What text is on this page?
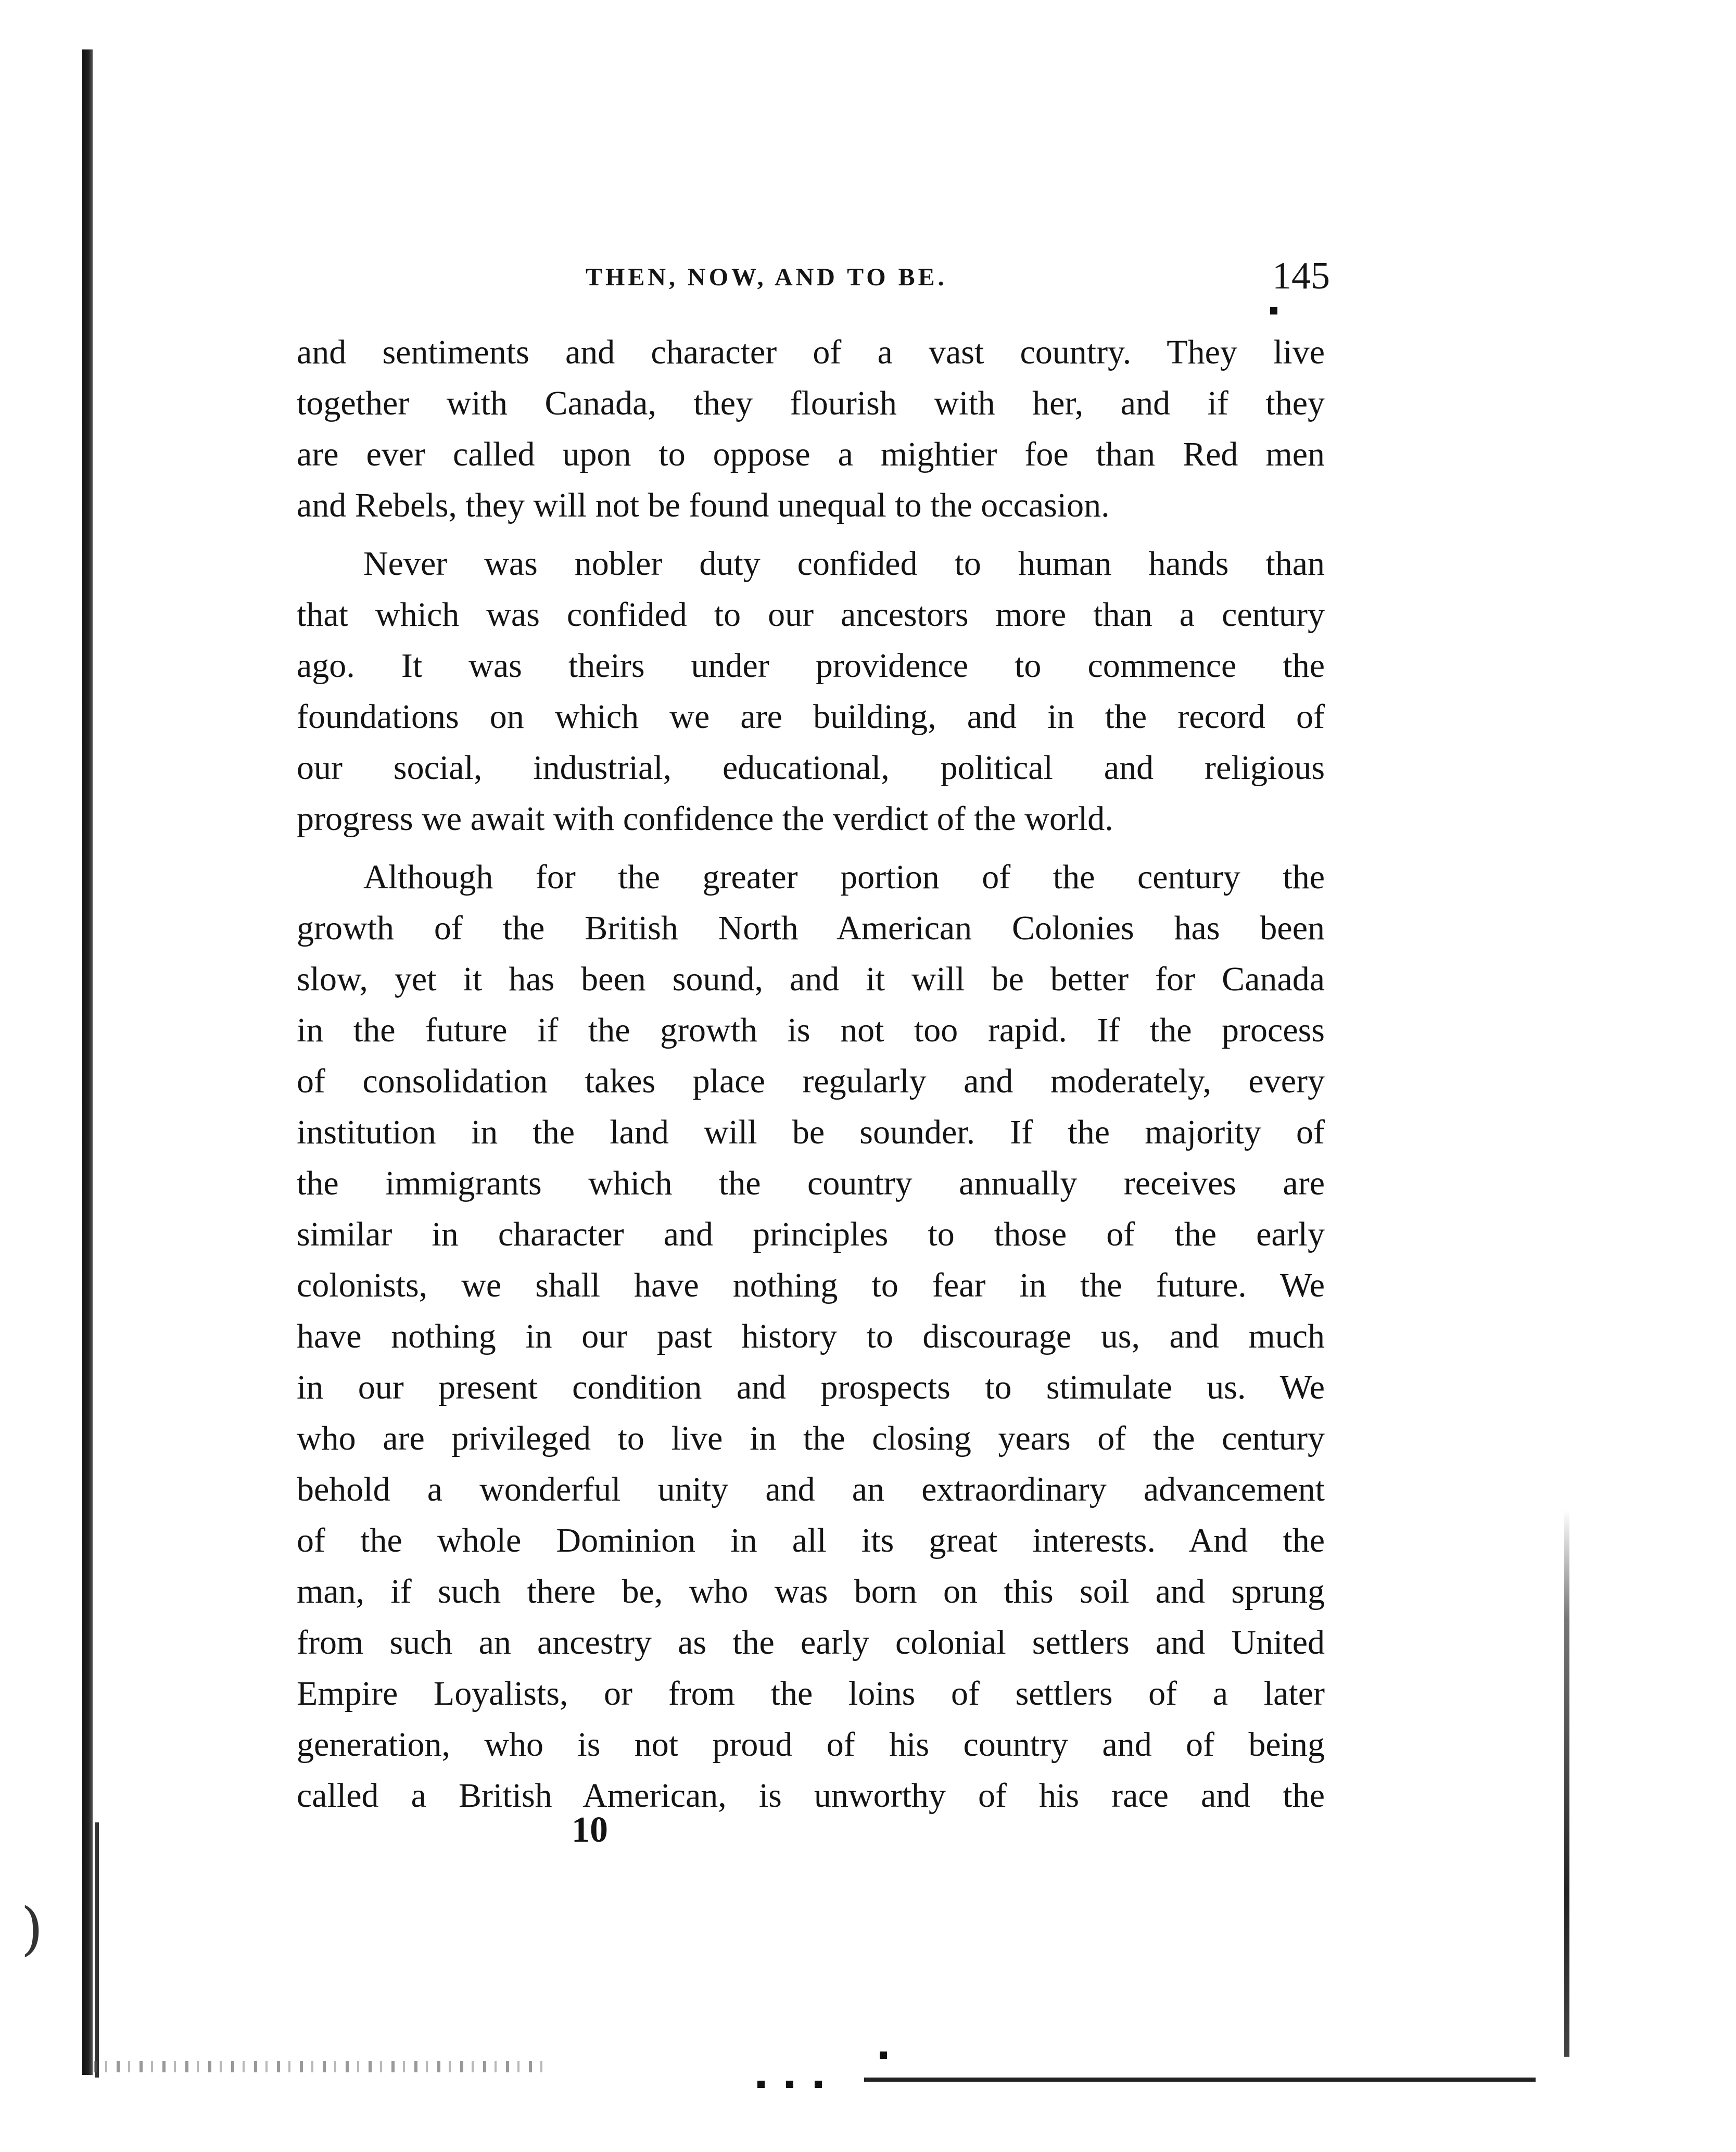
)
THEN, NOW, AND TO BE.	145
and sentiments and character of a vast country. They live
together with Canada, they flourish with her, and if they
are ever called upon to oppose a mightier foe than Red men
and Rebels, they will not be found unequal to the occasion.
Never was nobler duty confided to human hands than
that which was confided to our ancestors more than a century
ago. It was theirs under providence to commence the
foundations on which we are building, and in the record of
our social, industrial, educational, political and religious
progress we await with confidence the verdict of the world.
Although for the greater portion of the century the
growth of the British North American Colonies has been
slow, yet it has been sound, and it will be better for Canada
in the future if the growth is not too rapid. If the process
of consolidation takes place regularly and moderately, every
institution in the land will be sounder. If the majority of
the immigrants which the country annually receives are
similar in character and principles to those of the early
colonists, we shall have nothing to fear in the future. We
have nothing in our past history to discourage us, and much
in our present condition and prospects to stimulate us. We
who are privileged to live in the closing years of the century
behold a wonderful unity and an extraordinary advancement
of the whole Dominion in all its great interests. And the
man, if such there be, who was born on this soil and sprung
from such an ancestry as the early colonial settlers and United
Empire Loyalists, or from the loins of settlers of a later
generation, who is not proud of his country and of being
called a British American, is unworthy of his race and the
10
